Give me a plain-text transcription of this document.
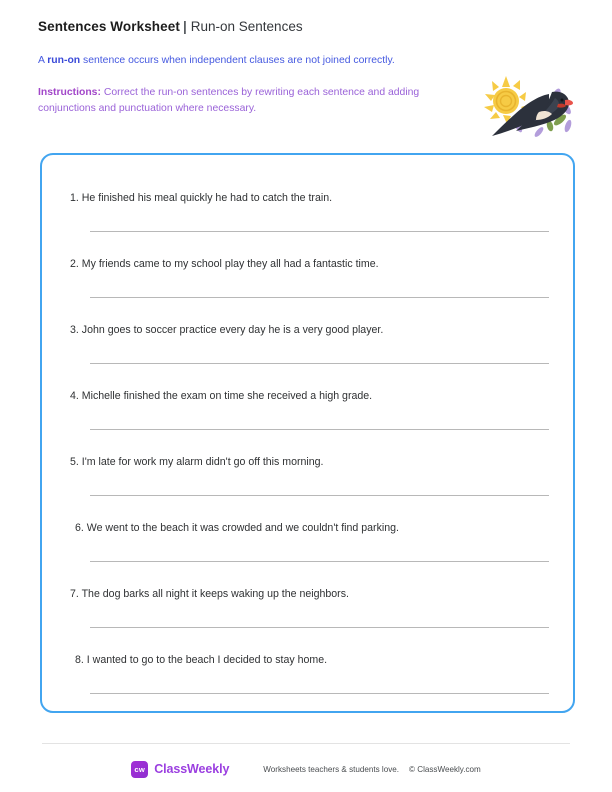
Sentences Worksheet | Run-on Sentences
A run-on sentence occurs when independent clauses are not joined correctly.
Instructions: Correct the run-on sentences by rewriting each sentence and adding conjunctions and punctuation where necessary.
1. He finished his meal quickly he had to catch the train.
2. My friends came to my school play they all had a fantastic time.
3. John goes to soccer practice every day he is a very good player.
4. Michelle finished the exam on time she received a high grade.
5. I'm late for work my alarm didn't go off this morning.
6. We went to the beach it was crowded and we couldn't find parking.
7. The dog barks all night it keeps waking up the neighbors.
8. I wanted to go to the beach I decided to stay home.
cw ClassWeekly	Worksheets teachers & students love. © ClassWeekly.com
